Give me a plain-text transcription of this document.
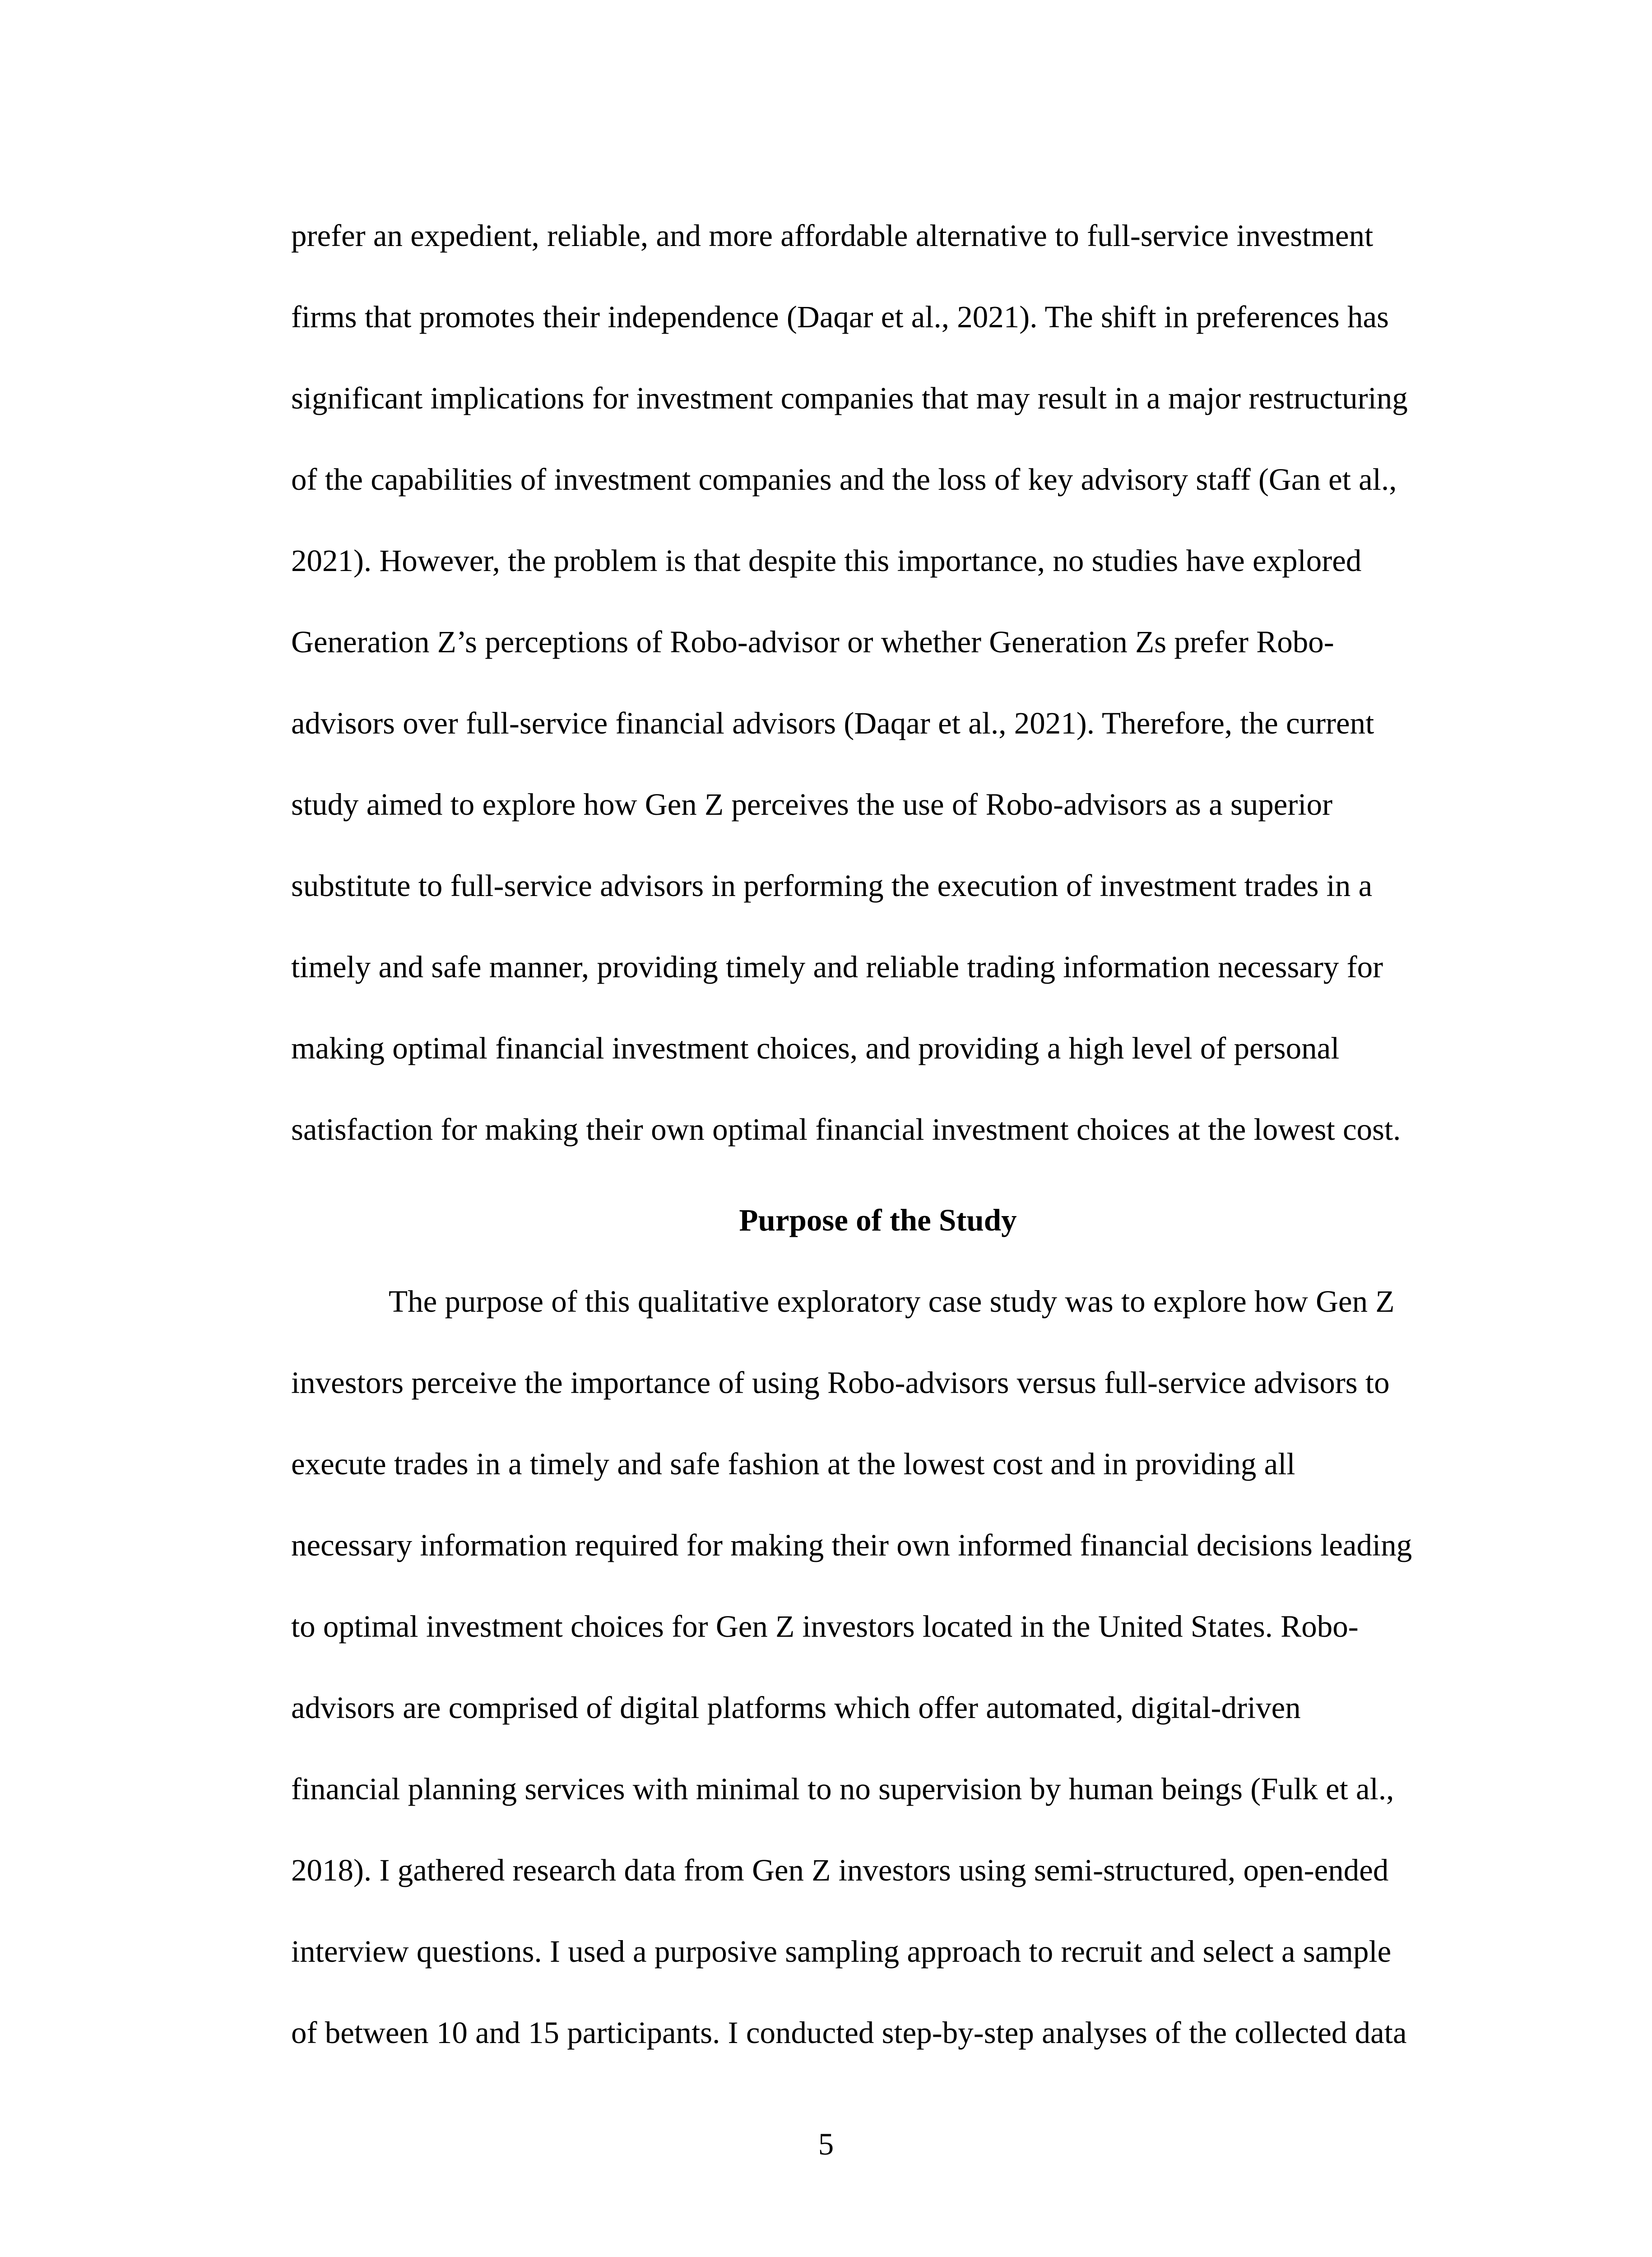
prefer an expedient, reliable, and more affordable alternative to full-service investment
firms that promotes their independence (Daqar et al., 2021). The shift in preferences has
significant implications for investment companies that may result in a major restructuring
of the capabilities of investment companies and the loss of key advisory staff (Gan et al.,
2021). However, the problem is that despite this importance, no studies have explored
Generation Z’s perceptions of Robo-advisor or whether Generation Zs prefer Robo-
advisors over full-service financial advisors (Daqar et al., 2021). Therefore, the current
study aimed to explore how Gen Z perceives the use of Robo-advisors as a superior
substitute to full-service advisors in performing the execution of investment trades in a
timely and safe manner, providing timely and reliable trading information necessary for
making optimal financial investment choices, and providing a high level of personal
satisfaction for making their own optimal financial investment choices at the lowest cost.
Purpose of the Study
The purpose of this qualitative exploratory case study was to explore how Gen Z
investors perceive the importance of using Robo-advisors versus full-service advisors to
execute trades in a timely and safe fashion at the lowest cost and in providing all
necessary information required for making their own informed financial decisions leading
to optimal investment choices for Gen Z investors located in the United States. Robo-
advisors are comprised of digital platforms which offer automated, digital-driven
financial planning services with minimal to no supervision by human beings (Fulk et al.,
2018). I gathered research data from Gen Z investors using semi-structured, open-ended
interview questions. I used a purposive sampling approach to recruit and select a sample
of between 10 and 15 participants. I conducted step-by-step analyses of the collected data
5
